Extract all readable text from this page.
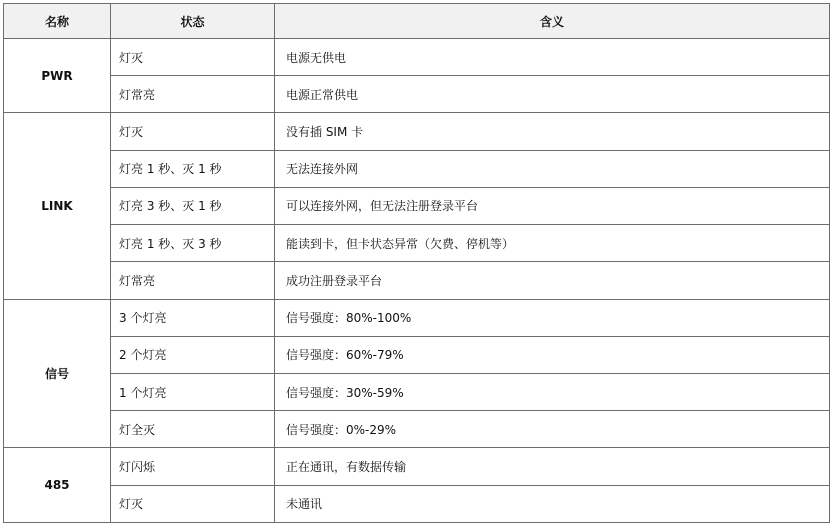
名称	状态	含义
PWR	灯灭	电源无供电
	灯常亮	电源正常供电
LINK	灯灭	没有插 SIM 卡
	灯亮 1 秒、灭 1 秒	无法连接外网
	灯亮 3 秒、灭 1 秒	可以连接外网，但无法注册登录平台
	灯亮 1 秒、灭 3 秒	能读到卡，但卡状态异常（欠费、停机等）
	灯常亮	成功注册登录平台
信号	3 个灯亮	信号强度：80%-100%
	2 个灯亮	信号强度：60%-79%
	1 个灯亮	信号强度：30%-59%
	灯全灭	信号强度：0%-29%
485	灯闪烁	正在通讯，有数据传输
	灯灭	未通讯
